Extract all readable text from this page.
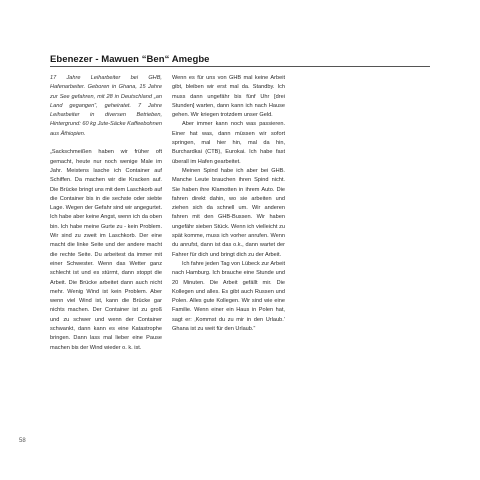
Ebenezer - Mawuen “Ben“ Amegbe

17 Jahre Leiharbeiter bei GHB, Hafenarbeiter. Geboren in Ghana, 15 Jahre zur See gefahren, mit 28 in Deutschland „an Land gegangen“, geheiratet. 7 Jahre Leiharbeiter in diversen Betrieben, Hintergrund: 60 kg Jute-Säcke Kaffeebohnen aus Äthiopien.

„Sackschmeißen haben wir früher oft gemacht, heute nur noch wenige Male im Jahr. Meistens lasche ich Container auf Schiffen. Da machen wir die Kracken auf. Die Brücke bringt uns mit dem Laschkorb auf die Container bis in die sechste oder siebte Lage. Wegen der Gefahr sind wir angegurtet. Ich habe aber keine Angst, wenn ich da oben bin. Ich habe meine Gurte zu - kein Problem. Wir sind zu zweit im Laschkorb. Der eine macht die linke Seite und der andere macht die rechte Seite. Du arbeitest da immer mit einer Schwester. Wenn das Wetter ganz schlecht ist und es stürmt, dann stoppt die Arbeit. Die Brücke arbeitet dann auch nicht mehr. Wenig Wind ist kein Problem. Aber wenn viel Wind ist, kann die Brücke gar nichts machen. Der Container ist zu groß und zu schwer und wenn der Container schwankt, dann kann es eine Katastrophe bringen. Dann lass mal lieber eine Pause machen bis der Wind wieder o. k. ist.

Wenn es für uns von GHB mal keine Arbeit gibt, bleiben wir erst mal da. Standby. Ich muss dann ungefähr bis fünf Uhr [drei Stunden] warten, dann kann ich nach Hause gehen. Wir kriegen trotzdem unser Geld.

Aber immer kann noch was passieren. Einer hat was, dann müssen wir sofort springen, mal hier hin, mal da hin, Burchardkai (CTB), Eurokai. Ich habe fast überall im Hafen gearbeitet.

Meinen Spind habe ich aber bei GHB. Manche Leute brauchen ihren Spind nicht. Sie haben ihre Klamotten in ihrem Auto. Die fahren direkt dahin, wo sie arbeiten und ziehen sich da schnell um. Wir anderen fahren mit den GHB-Bussen. Wir haben ungefähr sieben Stück. Wenn ich vielleicht zu spät komme, muss ich vorher anrufen. Wenn du anrufst, dann ist das o.k., dann wartet der Fahrer für dich und bringt dich zu der Arbeit.

Ich fahre jeden Tag von Lübeck zur Arbeit nach Hamburg. Ich brauche eine Stunde und 20 Minuten. Die Arbeit gefällt mir. Die Kollegen und alles. Es gibt auch Russen und Polen. Alles gute Kollegen. Wir sind wie eine Familie. Wenn einer ein Haus in Polen hat, sagt er: ‚Kommst du zu mir in den Urlaub.‘ Ghana ist zu weit für den Urlaub.“

58
